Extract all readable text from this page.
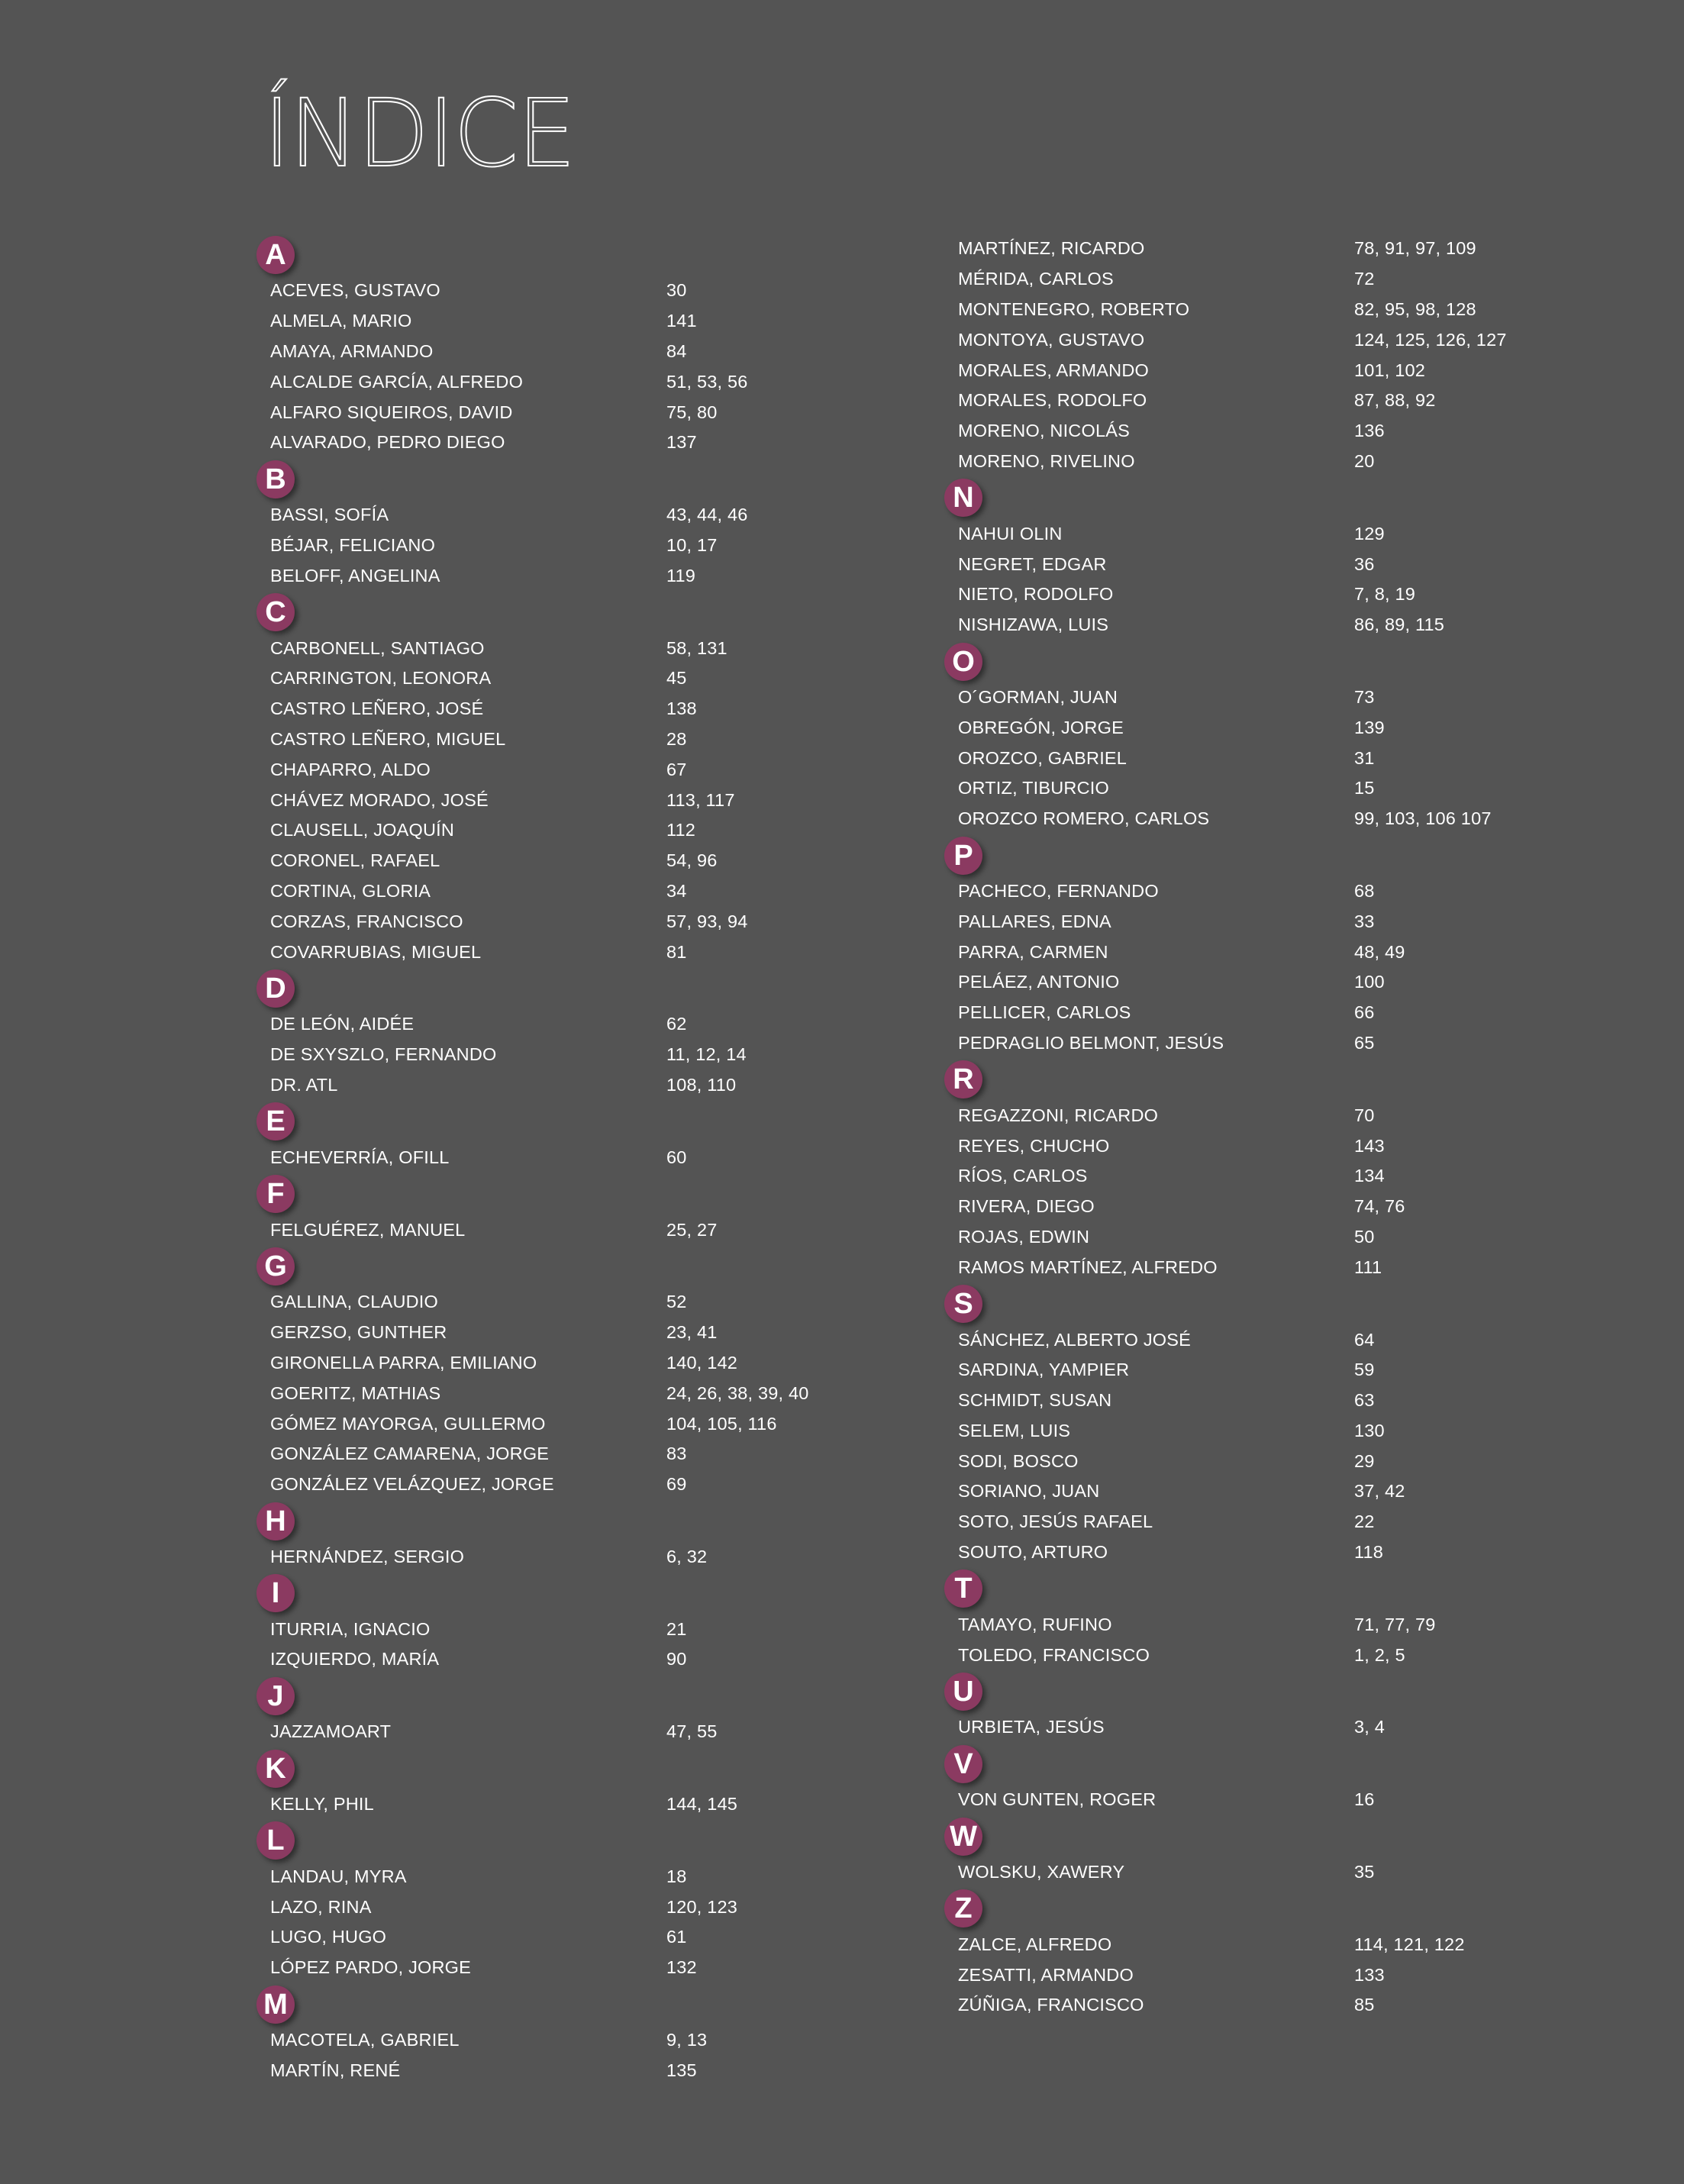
ÍNDICE
A
ACEVES, GUSTAVO	30
ALMELA, MARIO	141
AMAYA, ARMANDO	84
ALCALDE GARCÍA, ALFREDO	51, 53, 56
ALFARO SIQUEIROS, DAVID	75, 80
ALVARADO, PEDRO DIEGO	137
B
BASSI, SOFÍA	43, 44, 46
BÉJAR, FELICIANO	10, 17
BELOFF, ANGELINA	119
C
CARBONELL, SANTIAGO	58, 131
CARRINGTON, LEONORA	45
CASTRO LEÑERO, JOSÉ	138
CASTRO LEÑERO, MIGUEL	28
CHAPARRO, ALDO	67
CHÁVEZ MORADO, JOSÉ	113, 117
CLAUSELL, JOAQUÍN	112
CORONEL, RAFAEL	54, 96
CORTINA, GLORIA	34
CORZAS, FRANCISCO	57, 93, 94
COVARRUBIAS, MIGUEL	81
D
DE LEÓN, AIDÉE	62
DE SXYSZLO, FERNANDO	11, 12, 14
DR. ATL	108, 110
E
ECHEVERRÍA, OFILL	60
F
FELGUÉREZ, MANUEL	25, 27
G
GALLINA, CLAUDIO	52
GERZSO, GUNTHER	23, 41
GIRONELLA PARRA, EMILIANO	140, 142
GOERITZ, MATHIAS	24, 26, 38, 39, 40
GÓMEZ MAYORGA, GULLERMO	104, 105, 116
GONZÁLEZ CAMARENA, JORGE	83
GONZÁLEZ VELÁZQUEZ, JORGE	69
H
HERNÁNDEZ, SERGIO	6, 32
I
ITURRIA, IGNACIO	21
IZQUIERDO, MARÍA	90
J
JAZZAMOART	47, 55
K
KELLY, PHIL	144, 145
L
LANDAU, MYRA	18
LAZO, RINA	120, 123
LUGO, HUGO	61
LÓPEZ PARDO, JORGE	132
M
MACOTELA, GABRIEL	9, 13
MARTÍN, RENÉ	135
MARTÍNEZ, RICARDO	78, 91, 97, 109
MÉRIDA, CARLOS	72
MONTENEGRO, ROBERTO	82, 95, 98, 128
MONTOYA, GUSTAVO	124, 125, 126, 127
MORALES, ARMANDO	101, 102
MORALES, RODOLFO	87, 88, 92
MORENO, NICOLÁS	136
MORENO, RIVELINO	20
N
NAHUI OLIN	129
NEGRET, EDGAR	36
NIETO, RODOLFO	7, 8, 19
NISHIZAWA, LUIS	86, 89, 115
O
O´GORMAN, JUAN	73
OBREGÓN, JORGE	139
OROZCO, GABRIEL	31
ORTIZ, TIBURCIO	15
OROZCO ROMERO, CARLOS	99, 103, 106 107
P
PACHECO, FERNANDO	68
PALLARES, EDNA	33
PARRA, CARMEN	48, 49
PELÁEZ, ANTONIO	100
PELLICER, CARLOS	66
PEDRAGLIO BELMONT, JESÚS	65
R
REGAZZONI, RICARDO	70
REYES, CHUCHO	143
RÍOS, CARLOS	134
RIVERA, DIEGO	74, 76
ROJAS, EDWIN	50
RAMOS MARTÍNEZ, ALFREDO	111
S
SÁNCHEZ, ALBERTO JOSÉ	64
SARDINA, YAMPIER	59
SCHMIDT, SUSAN	63
SELEM, LUIS	130
SODI, BOSCO	29
SORIANO, JUAN	37, 42
SOTO, JESÚS RAFAEL	22
SOUTO, ARTURO	118
T
TAMAYO, RUFINO	71, 77, 79
TOLEDO, FRANCISCO	1, 2, 5
U
URBIETA, JESÚS	3, 4
V
VON GUNTEN, ROGER	16
W
WOLSKU, XAWERY	35
Z
ZALCE, ALFREDO	114, 121, 122
ZESATTI, ARMANDO	133
ZÚÑIGA, FRANCISCO	85
